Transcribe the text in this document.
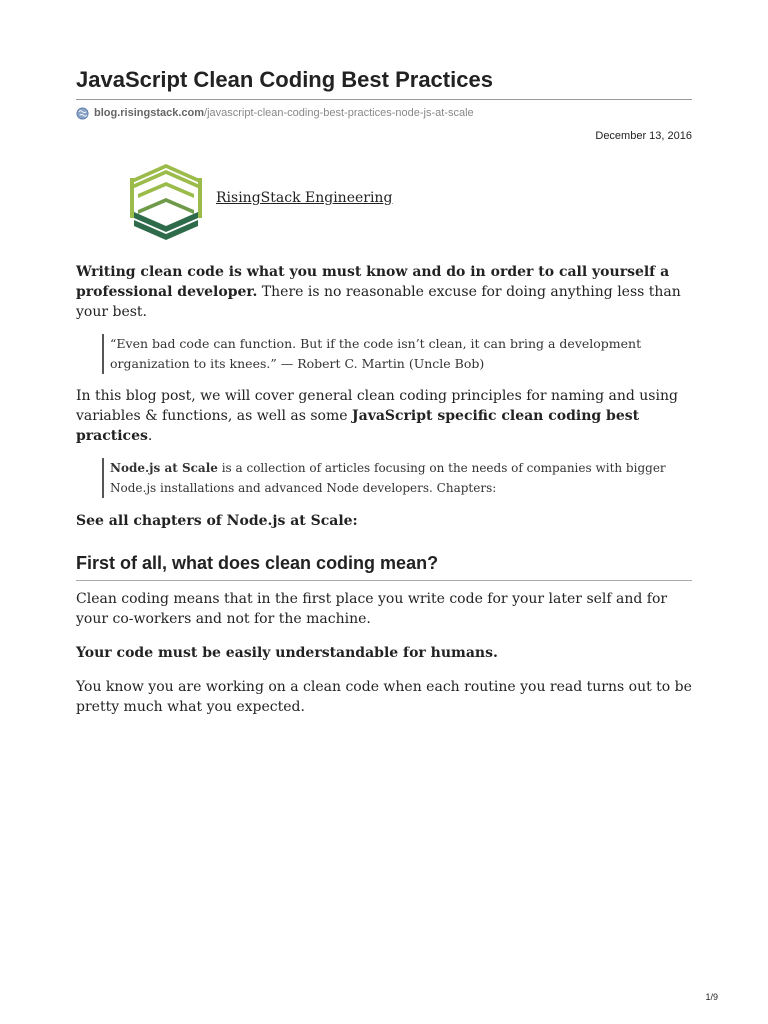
JavaScript Clean Coding Best Practices
blog.risingstack.com /javascript-clean-coding-best-practices-node-js-at-scale
December 13, 2016
RisingStack Engineering

Writing clean code is what you must know and do in order to call yourself a professional developer. There is no reasonable excuse for doing anything less than your best.

“Even bad code can function. But if the code isn’t clean, it can bring a development organization to its knees.” — Robert C. Martin (Uncle Bob)

In this blog post, we will cover general clean coding principles for naming and using variables & functions, as well as some JavaScript specific clean coding best practices.

Node.js at Scale is a collection of articles focusing on the needs of companies with bigger Node.js installations and advanced Node developers. Chapters:
See all chapters of Node.js at Scale:
First of all, what does clean coding mean?

Clean coding means that in the first place you write code for your later self and for your co-workers and not for the machine.

Your code must be easily understandable for humans.

You know you are working on a clean code when each routine you read turns out to be pretty much what you expected.

1/9
